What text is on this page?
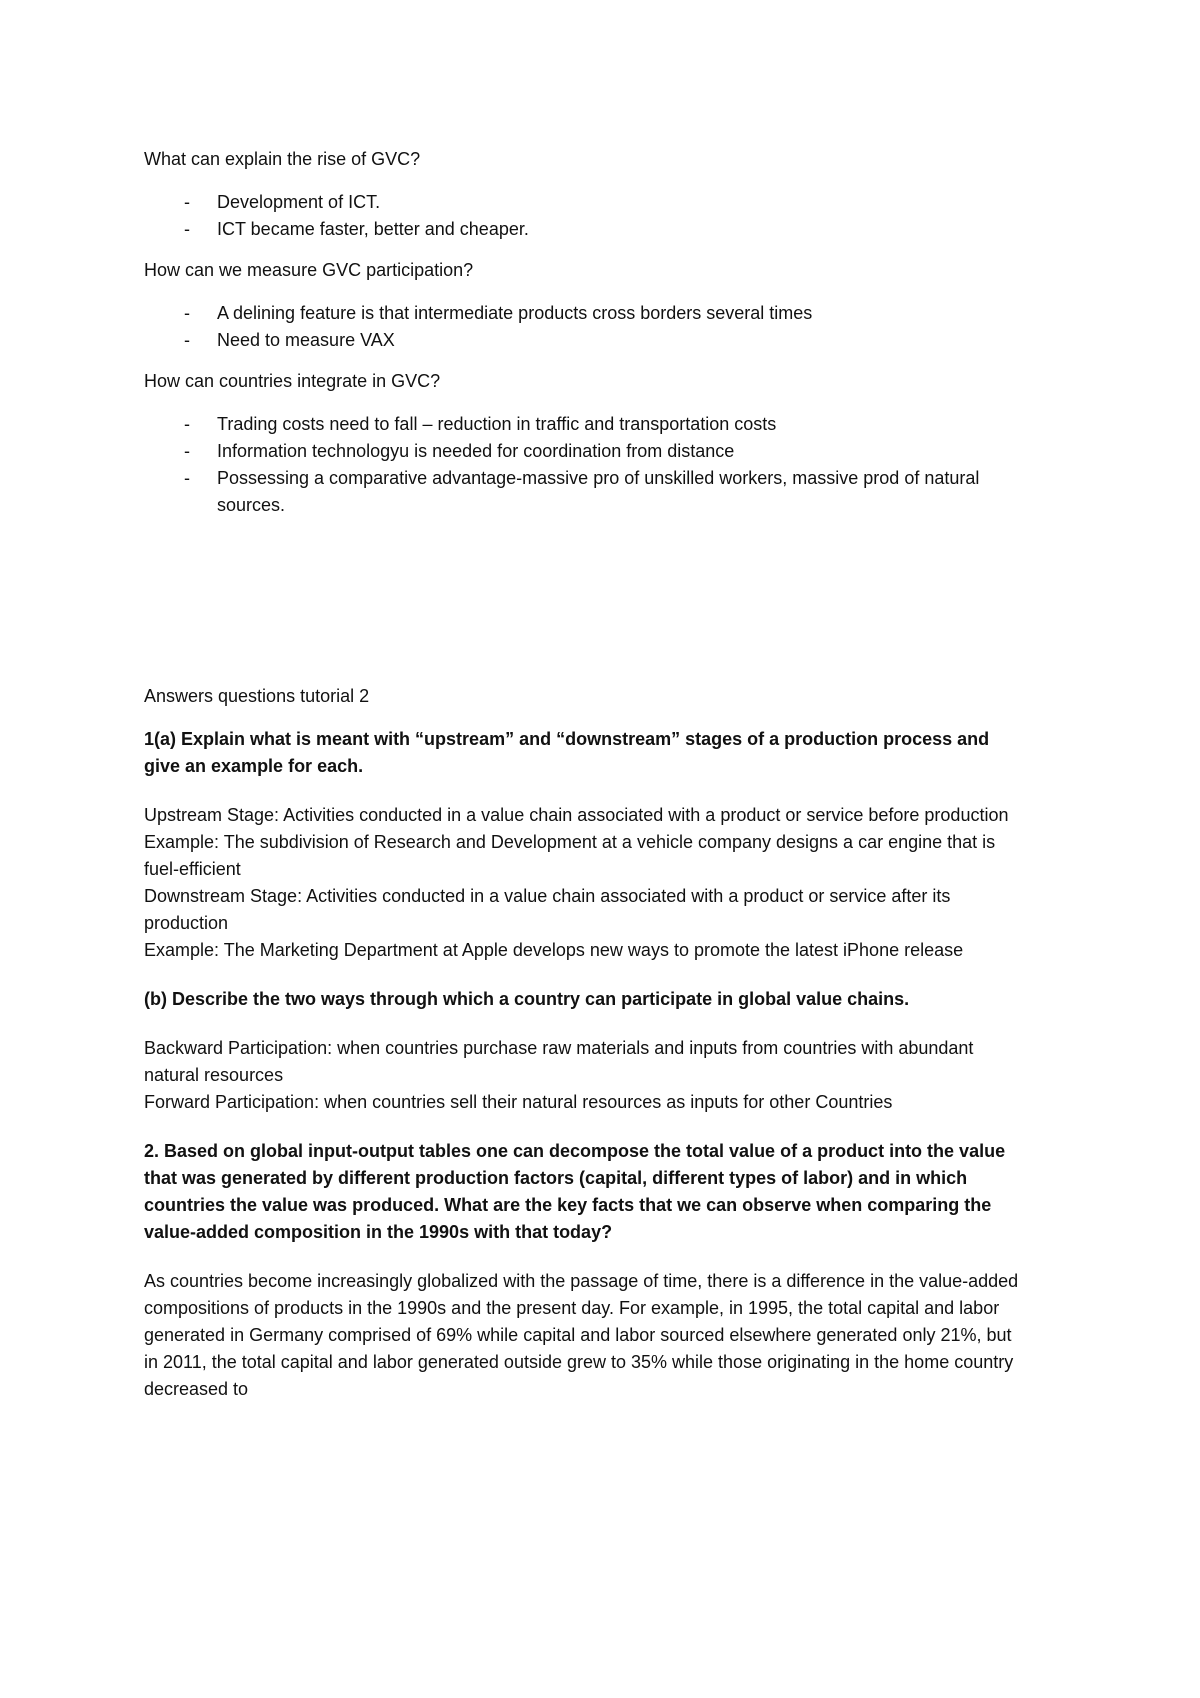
What can explain the rise of GVC?

- Development of ICT.
- ICT became faster, better and cheaper.

How can we measure GVC participation?

- A delining feature is that intermediate products cross borders several times
- Need to measure VAX

How can countries integrate in GVC?

- Trading costs need to fall – reduction in traffic and transportation costs
- Information technologyu is needed for coordination from distance
- Possessing a comparative advantage-massive pro of unskilled workers, massive prod of natural sources.

Answers questions tutorial 2

1(a) Explain what is meant with “upstream” and “downstream” stages of a production process and give an example for each.

Upstream Stage: Activities conducted in a value chain associated with a product or service before production

Example: The subdivision of Research and Development at a vehicle company designs a car engine that is fuel-efficient

Downstream Stage: Activities conducted in a value chain associated with a product or service after its production

Example: The Marketing Department at Apple develops new ways to promote the latest iPhone release

(b) Describe the two ways through which a country can participate in global value chains.

Backward Participation: when countries purchase raw materials and inputs from countries with abundant natural resources

Forward Participation: when countries sell their natural resources as inputs for other Countries

2. Based on global input-output tables one can decompose the total value of a product into the value that was generated by different production factors (capital, different types of labor) and in which countries the value was produced. What are the key facts that we can observe when comparing the value-added composition in the 1990s with that today?

As countries become increasingly globalized with the passage of time, there is a difference in the value-added compositions of products in the 1990s and the present day. For example, in 1995, the total capital and labor generated in Germany comprised of 69% while capital and labor sourced elsewhere generated only 21%, but in 2011, the total capital and labor generated outside grew to 35% while those originating in the home country decreased to
